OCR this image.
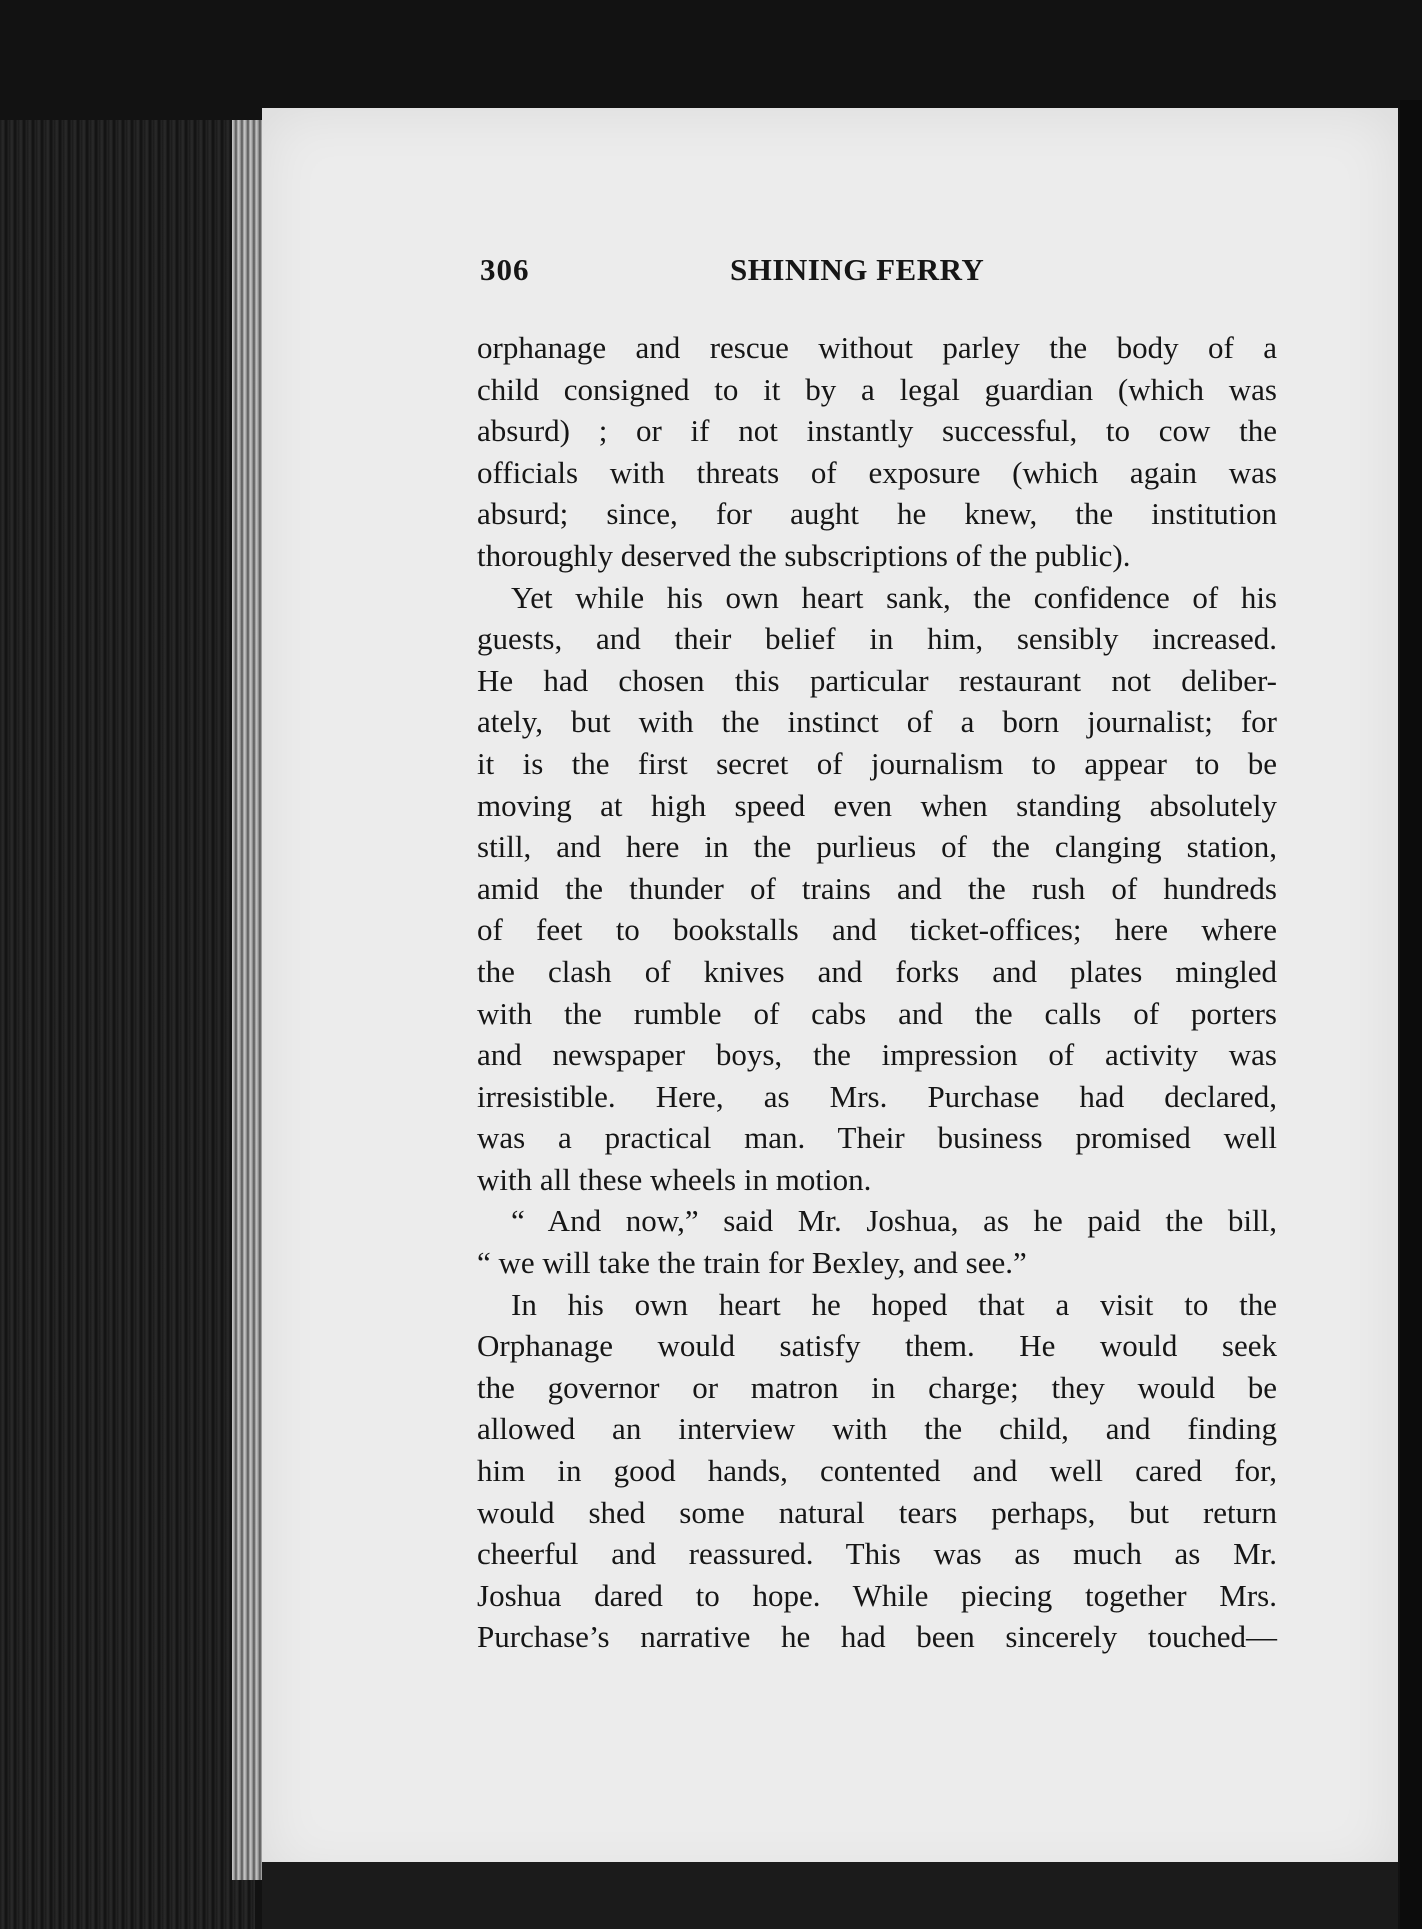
306	SHINING FERRY
orphanage and rescue without parley the body of a
child consigned to it by a legal guardian (which was
absurd) ; or if not instantly successful, to cow the
officials with threats of exposure (which again was
absurd; since, for aught he knew, the institution
thoroughly deserved the subscriptions of the public).
Yet while his own heart sank, the confidence of his
guests, and their belief in him, sensibly increased.
He had chosen this particular restaurant not deliber-
ately, but with the instinct of a born journalist; for
it is the first secret of journalism to appear to be
moving at high speed even when standing absolutely
still, and here in the purlieus of the clanging station,
amid the thunder of trains and the rush of hundreds
of feet to bookstalls and ticket-offices; here where
the clash of knives and forks and plates mingled
with the rumble of cabs and the calls of porters
and newspaper boys, the impression of activity was
irresistible. Here, as Mrs. Purchase had declared,
was a practical man. Their business promised well
with all these wheels in motion.
“ And now,” said Mr. Joshua, as he paid the bill,
“ we will take the train for Bexley, and see.”
In his own heart he hoped that a visit to the
Orphanage would satisfy them. He would seek
the governor or matron in charge; they would be
allowed an interview with the child, and finding
him in good hands, contented and well cared for,
would shed some natural tears perhaps, but return
cheerful and reassured. This was as much as Mr.
Joshua dared to hope. While piecing together Mrs.
Purchase’s narrative he had been sincerely touched—
